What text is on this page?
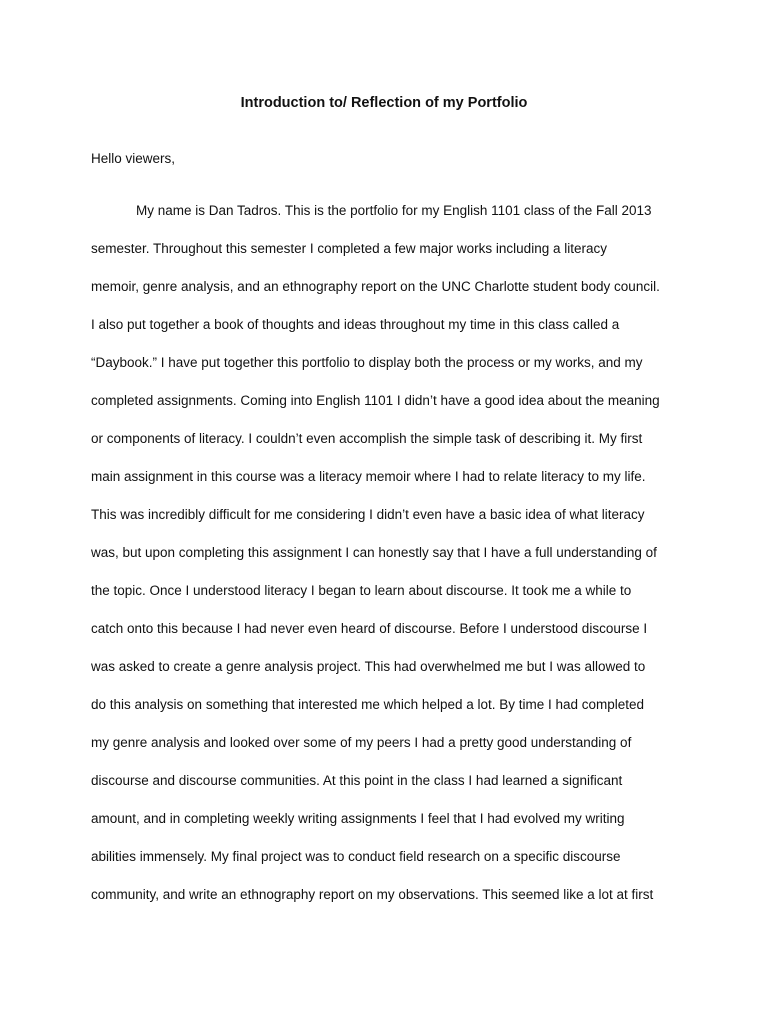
Introduction to/ Reflection of my Portfolio
Hello viewers,
My name is Dan Tadros. This is the portfolio for my English 1101 class of the Fall 2013
semester. Throughout this semester I completed a few major works including a literacy
memoir, genre analysis, and an ethnography report on the UNC Charlotte student body council.
I also put together a book of thoughts and ideas throughout my time in this class called a
“Daybook.” I have put together this portfolio to display both the process or my works, and my
completed assignments. Coming into English 1101 I didn’t have a good idea about the meaning
or components of literacy. I couldn’t even accomplish the simple task of describing it. My first
main assignment in this course was a literacy memoir where I had to relate literacy to my life.
This was incredibly difficult for me considering I didn’t even have a basic idea of what literacy
was, but upon completing this assignment I can honestly say that I have a full understanding of
the topic. Once I understood literacy I began to learn about discourse. It took me a while to
catch onto this because I had never even heard of discourse. Before I understood discourse I
was asked to create a genre analysis project. This had overwhelmed me but I was allowed to
do this analysis on something that interested me which helped a lot. By time I had completed
my genre analysis and looked over some of my peers I had a pretty good understanding of
discourse and discourse communities. At this point in the class I had learned a significant
amount, and in completing weekly writing assignments I feel that I had evolved my writing
abilities immensely. My final project was to conduct field research on a specific discourse
community, and write an ethnography report on my observations. This seemed like a lot at first
